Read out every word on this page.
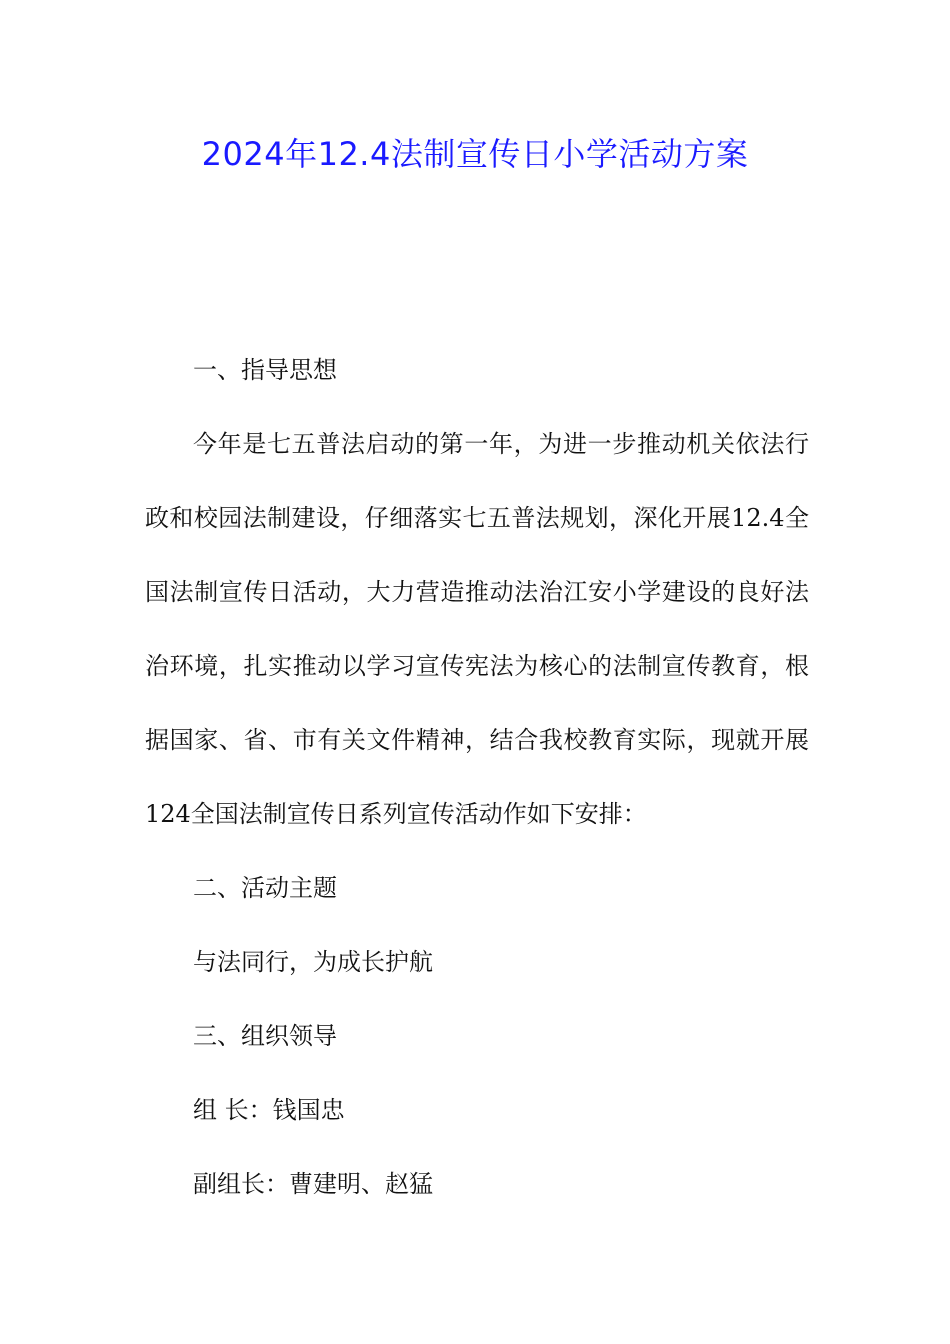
2024年12.4法制宣传日小学活动方案
一、指导思想
今年是七五普法启动的第一年，为进一步推动机关依法行
政和校园法制建设，仔细落实七五普法规划，深化开展12.4全
国法制宣传日活动，大力营造推动法治江安小学建设的良好法
治环境，扎实推动以学习宣传宪法为核心的法制宣传教育，根
据国家、省、市有关文件精神，结合我校教育实际，现就开展
124全国法制宣传日系列宣传活动作如下安排：
二、活动主题
与法同行，为成长护航
三、组织领导
组 长：钱国忠
副组长：曹建明、赵猛
